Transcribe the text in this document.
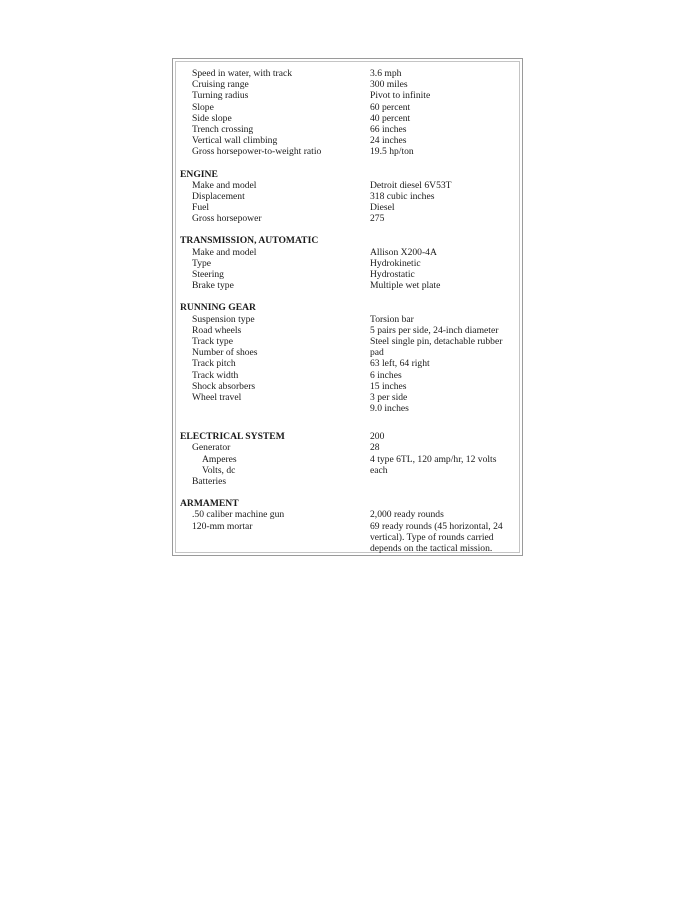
Speed in water, with track	3.6 mph
Cruising range	300 miles
Turning radius	Pivot to infinite
Slope	60 percent
Side slope	40 percent
Trench crossing	66 inches
Vertical wall climbing	24 inches
Gross horsepower-to-weight ratio	19.5 hp/ton
ENGINE
Make and model	Detroit diesel 6V53T
Displacement	318 cubic inches
Fuel	Diesel
Gross horsepower	275
TRANSMISSION, AUTOMATIC
Make and model	Allison X200-4A
Type	Hydrokinetic
Steering	Hydrostatic
Brake type	Multiple wet plate
RUNNING GEAR
Suspension type	Torsion bar
Road wheels	5 pairs per side, 24-inch diameter
Track type	Steel single pin, detachable rubber
Number of shoes	pad
Track pitch	63 left, 64 right
Track width	6 inches
Shock absorbers	15 inches
Wheel travel	3 per side
9.0 inches
ELECTRICAL SYSTEM	200
Generator	28
Amperes	4 type 6TL, 120 amp/hr, 12 volts
Volts, dc	each
Batteries
ARMAMENT
.50 caliber machine gun	2,000 ready rounds
120-mm mortar	69 ready rounds (45 horizontal, 24
vertical). Type of rounds carried
depends on the tactical mission.
